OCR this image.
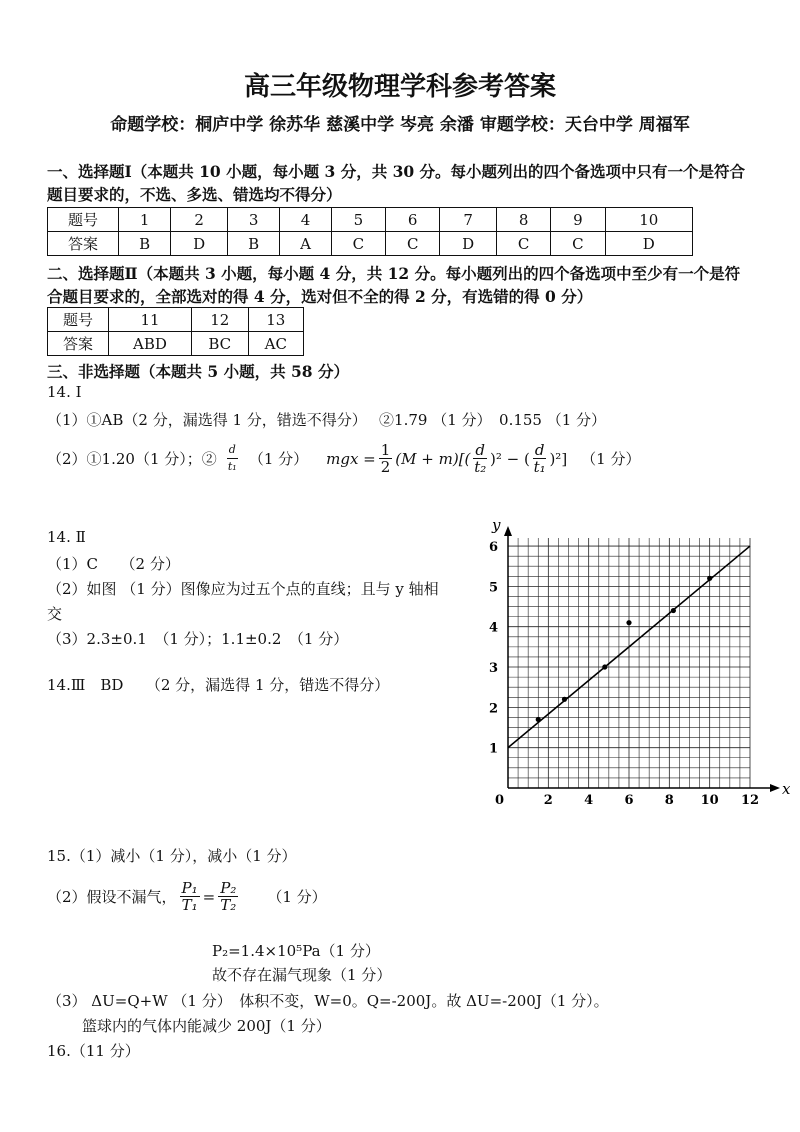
高三年级物理学科参考答案
命题学校：桐庐中学 徐苏华 慈溪中学 岑亮 余潘 审题学校：天台中学 周福军
一、选择题Ⅰ（本题共 10 小题，每小题 3 分，共 30 分。每小题列出的四个备选项中只有一个是符合
题目要求的，不选、多选、错选均不得分）
题号	1	2	3	4	5	6	7	8	9	10
答案	B	D	B	A	C	C	D	C	C	D
二、选择题Ⅱ（本题共 3 小题，每小题 4 分，共 12 分。每小题列出的四个备选项中至少有一个是符
合题目要求的，全部选对的得 4 分，选对但不全的得 2 分，有选错的得 0 分）
题号	11	12	13
答案	ABD	BC	AC
三、非选择题（本题共 5 小题，共 58 分）
14. Ⅰ
（1）①AB（2 分，漏选得 1 分，错选不得分）　 ②1.79 （1 分）　0.155 （1 分）
（2）①1.20（1 分）；② $\frac{d}{\text{t₁}} (1$ 分） mgx = $\frac{1}{2} (M + m)[( \frac{d}{\text{t₂}} )^2$ − ( $\frac{d}{\text{t₁}} )^2$] （1 分）
14. Ⅱ
（1）C　　（2 分）
（2）如图 （1 分）图像应为过五个点的直线；且与 y 轴相
交
（3）2.3±0.1　（1 分）；1.1±0.2　（1 分）
14.Ⅲ　BD　　（2 分，漏选得 1 分，错选不得分）
x
y
0	2 4 6 8 10 12
1
2
3
4
5
6
15.（1）减小（1 分），减小（1 分）
（2）假设不漏气， $\frac{\text{P₁}}{\text{T₁}} = \frac{\text{P₂}}{\text{T₂}} (1$ 分）
P₂=1.4×10⁵Pa（1 分）
故不存在漏气现象（1 分）
（3） ΔU=Q+W （1 分）　体积不变，W=0。Q=-200J。故 ΔU=-200J（1 分）。
篮球内的气体内能减少 200J（1 分）
16.（11 分）
